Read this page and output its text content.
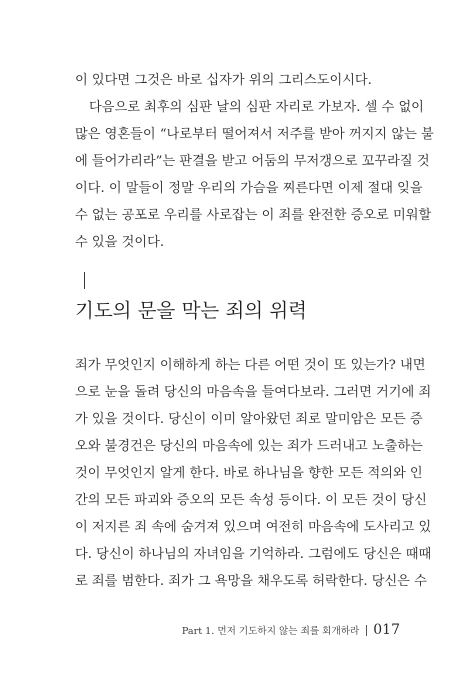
이 있다면 그것은 바로 십자가 위의 그리스도이시다.
다음으로 최후의 심판 날의 심판 자리로 가보자. 셀 수 없이
많은 영혼들이 “나로부터 떨어져서 저주를 받아 꺼지지 않는 불
에 들어가리라”는 판결을 받고 어둠의 무저갱으로 꼬꾸라질 것
이다. 이 말들이 정말 우리의 가슴을 찌른다면 이제 절대 잊을
수 없는 공포로 우리를 사로잡는 이 죄를 완전한 증오로 미워할
수 있을 것이다.
기도의 문을 막는 죄의 위력
죄가 무엇인지 이해하게 하는 다른 어떤 것이 또 있는가? 내면
으로 눈을 돌려 당신의 마음속을 들여다보라. 그러면 거기에 죄
가 있을 것이다. 당신이 이미 알아왔던 죄로 말미암은 모든 증
오와 불경건은 당신의 마음속에 있는 죄가 드러내고 노출하는
것이 무엇인지 알게 한다. 바로 하나님을 향한 모든 적의와 인
간의 모든 파괴와 증오의 모든 속성 등이다. 이 모든 것이 당신
이 저지른 죄 속에 숨겨져 있으며 여전히 마음속에 도사리고 있
다. 당신이 하나님의 자녀임을 기억하라. 그럼에도 당신은 때때
로 죄를 범한다. 죄가 그 욕망을 채우도록 허락한다. 당신은 수
Part 1. 먼저 기도하지 않는 죄를 회개하라 017
